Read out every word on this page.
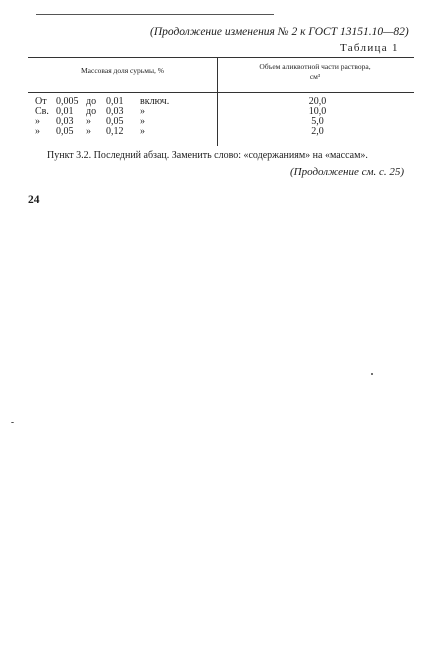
(Продолжение изменения № 2 к ГОСТ 13151.10—82)
Таблица 1
Массовая доля сурьмы, %	Объем аликвотной части раствора,
см³
От 0,005 до 0,01 включ.
Св. 0,01 до 0,03 »
» 0,03 » 0,05 »
» 0,05 » 0,12 »
20,0
10,0
5,0
2,0
Пункт 3.2. Последний абзац. Заменить слово: «содержаниям» на «массам».
(Продолжение см. с. 25)
24
